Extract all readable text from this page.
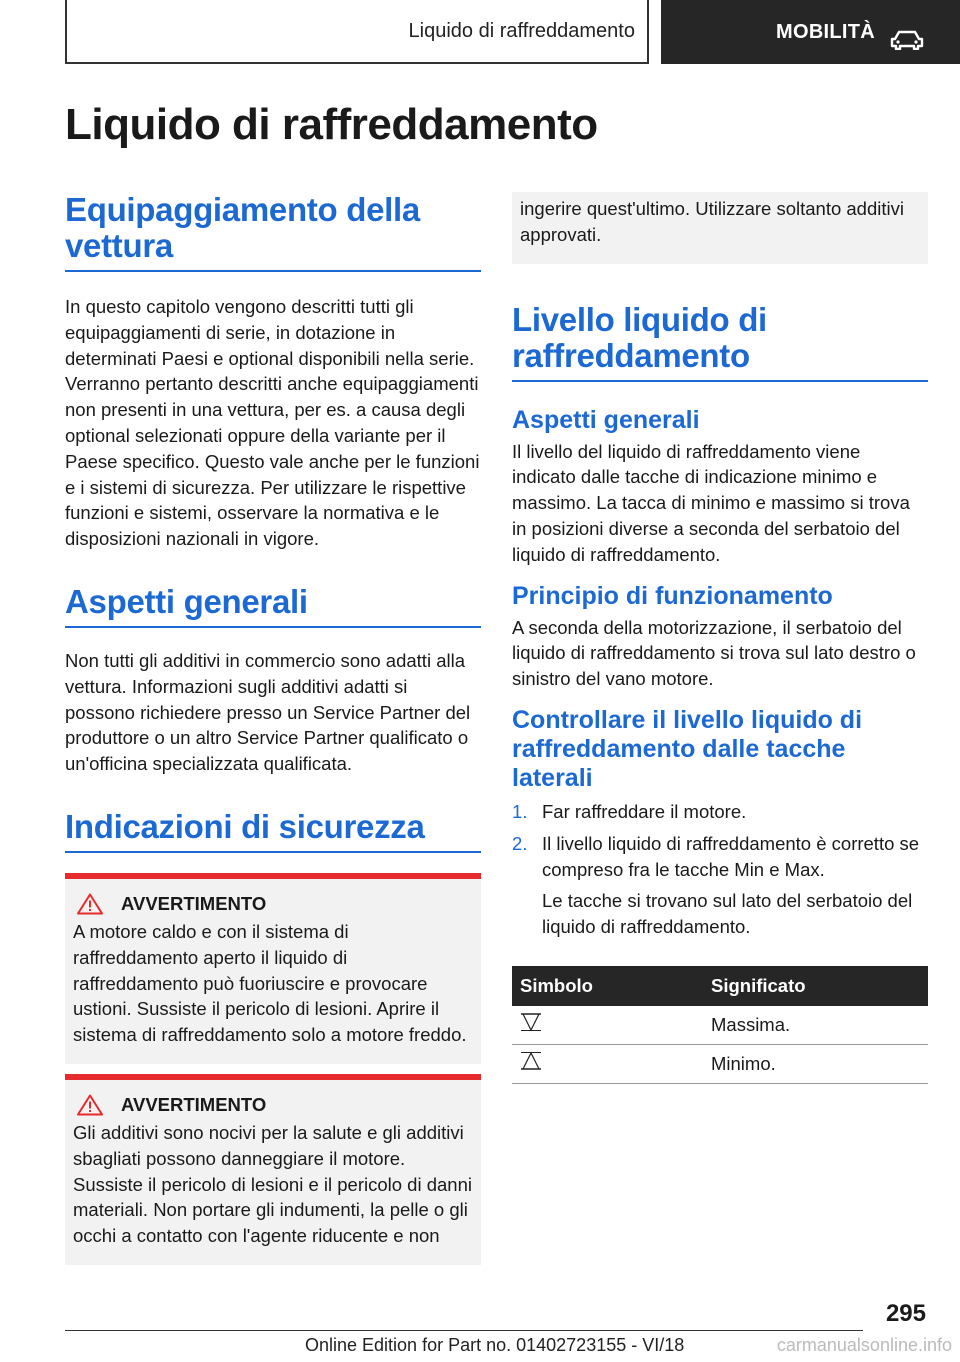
Liquido di raffreddamento	MOBILITÀ
Liquido di raffreddamento
Equipaggiamento della vettura

In questo capitolo vengono descritti tutti gli equipaggiamenti di serie, in dotazione in determinati Paesi e optional disponibili nella serie. Verranno pertanto descritti anche equipaggiamenti non presenti in una vettura, per es. a causa degli optional selezionati oppure della variante per il Paese specifico. Questo vale anche per le funzioni e i sistemi di sicurezza. Per utilizzare le rispettive funzioni e sistemi, osservare la normativa e le disposizioni nazionali in vigore.

Aspetti generali

Non tutti gli additivi in commercio sono adatti alla vettura. Informazioni sugli additivi adatti si possono richiedere presso un Service Partner del produttore o un altro Service Partner qualificato o un'officina specializzata qualificata.

Indicazioni di sicurezza
AVVERTIMENTO

A motore caldo e con il sistema di raffreddamento aperto il liquido di raffreddamento può fuoriuscire e provocare ustioni. Sussiste il pericolo di lesioni. Aprire il sistema di raffreddamento solo a motore freddo.

AVVERTIMENTO

Gli additivi sono nocivi per la salute e gli additivi sbagliati possono danneggiare il motore. Sussiste il pericolo di lesioni e il pericolo di danni materiali. Non portare gli indumenti, la pelle o gli occhi a contatto con l'agente riducente e non

ingerire quest'ultimo. Utilizzare soltanto additivi approvati.

Livello liquido di raffreddamento
Aspetti generali

Il livello del liquido di raffreddamento viene indicato dalle tacche di indicazione minimo e massimo. La tacca di minimo e massimo si trova in posizioni diverse a seconda del serbatoio del liquido di raffreddamento.

Principio di funzionamento

A seconda della motorizzazione, il serbatoio del liquido di raffreddamento si trova sul lato destro o sinistro del vano motore.

Controllare il livello liquido di raffreddamento dalle tacche laterali
1. Far raffreddare il motore.
2. Il livello liquido di raffreddamento è corretto se compreso fra le tacche Min e Max.
Le tacche si trovano sul lato del serbatoio del liquido di raffreddamento.
Simbolo	Significato
	Massima.
	Minimo.
295
Online Edition for Part no. 01402723155 - VI/18	carmanualsonline.info
